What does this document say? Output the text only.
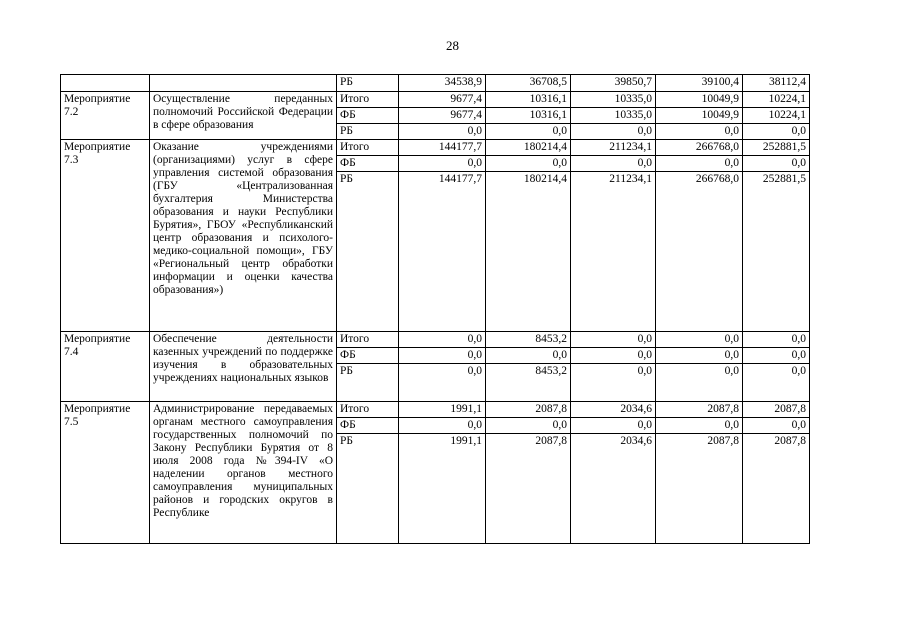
28
		РБ	34538,9	36708,5	39850,7	39100,4	38112,4
Мероприятие 7.2	Осуществление переданных полномочий Российской Федерации в сфере образования	Итого	9677,4	10316,1	10335,0	10049,9	10224,1
		ФБ	9677,4	10316,1	10335,0	10049,9	10224,1
		РБ	0,0	0,0	0,0	0,0	0,0
Мероприятие 7.3	Оказание учреждениями (организациями) услуг в сфере управления системой образования (ГБУ «Централизованная бухгалтерия Министерства образования и науки Республики Бурятия», ГБОУ «Республиканский центр образования и психолого-медико-социальной помощи», ГБУ «Региональный центр обработки информации и оценки качества образования»)	Итого	144177,7	180214,4	211234,1	266768,0	252881,5
		ФБ	0,0	0,0	0,0	0,0	0,0
		РБ	144177,7	180214,4	211234,1	266768,0	252881,5
Мероприятие 7.4	Обеспечение деятельности казенных учреждений по поддержке изучения в образовательных учреждениях национальных языков	Итого	0,0	8453,2	0,0	0,0	0,0
		ФБ	0,0	0,0	0,0	0,0	0,0
		РБ	0,0	8453,2	0,0	0,0	0,0
Мероприятие 7.5	Администрирование передаваемых органам местного самоуправления государственных полномочий по Закону Республики Бурятия от 8 июля 2008 года №394-IV «О наделении органов местного самоуправления муниципальных районов и городских округов в Республике	Итого	1991,1	2087,8	2034,6	2087,8	2087,8
		ФБ	0,0	0,0	0,0	0,0	0,0
		РБ	1991,1	2087,8	2034,6	2087,8	2087,8
